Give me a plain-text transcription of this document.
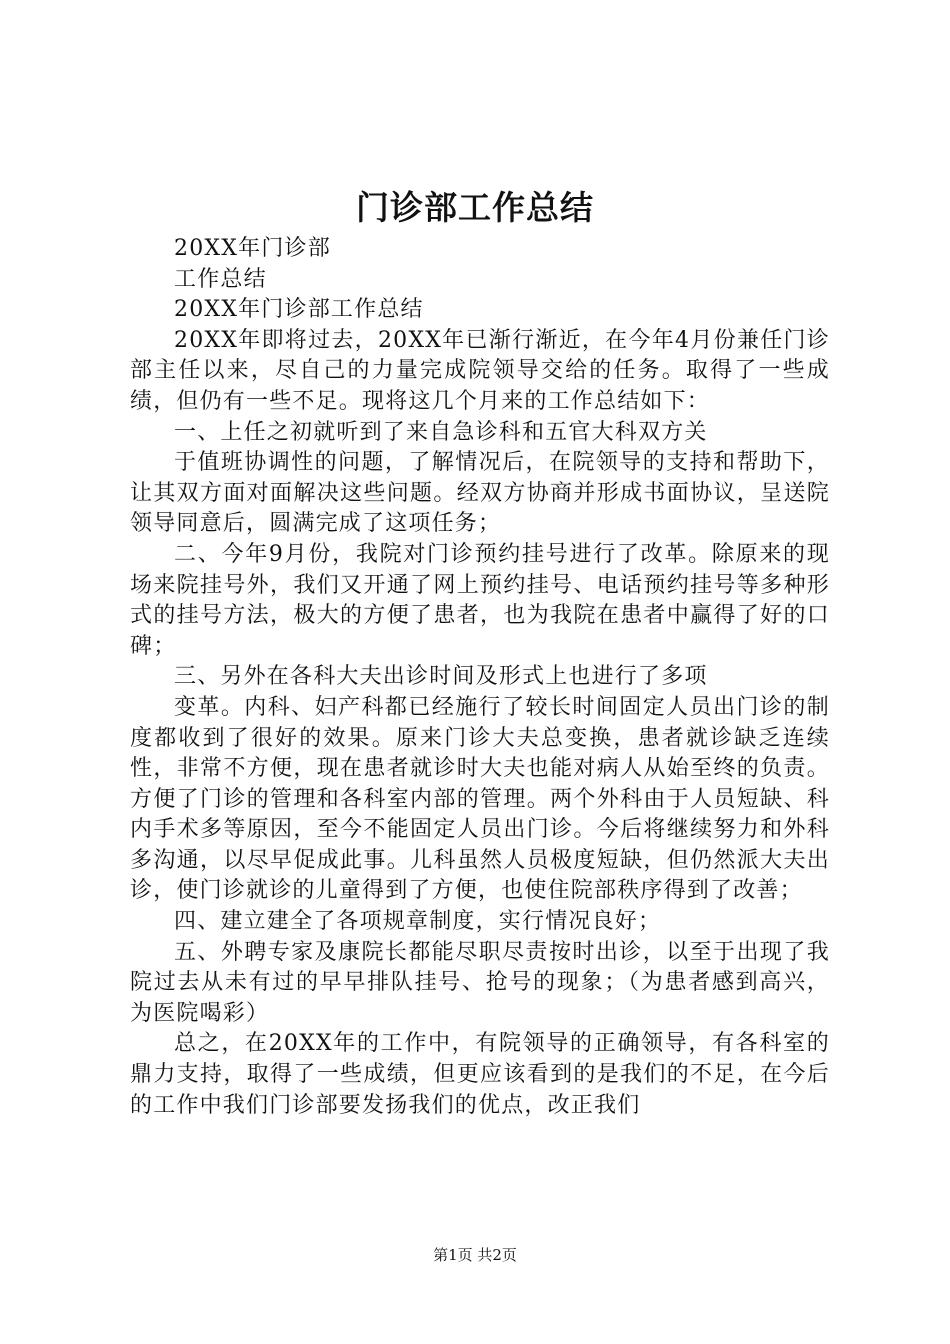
门诊部工作总结

20XX年门诊部

工作总结

20XX年门诊部工作总结

20XX年即将过去，20XX年已渐行渐近，在今年4月份兼任门诊部主任以来，尽自己的力量完成院领导交给的任务。取得了一些成绩，但仍有一些不足。现将这几个月来的工作总结如下：

一、上任之初就听到了来自急诊科和五官大科双方关

于值班协调性的问题，了解情况后，在院领导的支持和帮助下，让其双方面对面解决这些问题。经双方协商并形成书面协议，呈送院领导同意后，圆满完成了这项任务；

二、今年9月份，我院对门诊预约挂号进行了改革。除原来的现场来院挂号外，我们又开通了网上预约挂号、电话预约挂号等多种形式的挂号方法，极大的方便了患者，也为我院在患者中赢得了好的口碑；

三、另外在各科大夫出诊时间及形式上也进行了多项

变革。内科、妇产科都已经施行了较长时间固定人员出门诊的制度都收到了很好的效果。原来门诊大夫总变换，患者就诊缺乏连续性，非常不方便，现在患者就诊时大夫也能对病人从始至终的负责。方便了门诊的管理和各科室内部的管理。两个外科由于人员短缺、科内手术多等原因，至今不能固定人员出门诊。今后将继续努力和外科多沟通，以尽早促成此事。儿科虽然人员极度短缺，但仍然派大夫出诊，使门诊就诊的儿童得到了方便，也使住院部秩序得到了改善；

四、建立建全了各项规章制度，实行情况良好；

五、外聘专家及康院长都能尽职尽责按时出诊，以至于出现了我院过去从未有过的早早排队挂号、抢号的现象；（为患者感到高兴，为医院喝彩）

总之，在20XX年的工作中，有院领导的正确领导，有各科室的鼎力支持，取得了一些成绩，但更应该看到的是我们的不足，在今后的工作中我们门诊部要发扬我们的优点，改正我们

第1页 共2页
